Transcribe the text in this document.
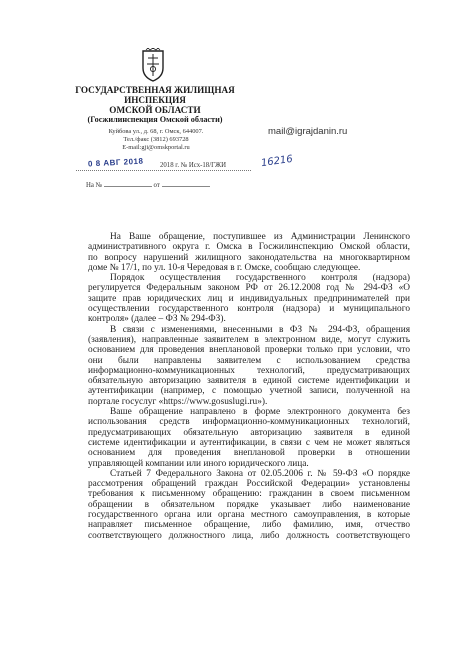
ГОСУДАРСТВЕННАЯ ЖИЛИЩНАЯ
ИНСПЕКЦИЯ
ОМСКОЙ ОБЛАСТИ
(Госжилинспекция Омской области)
Куйбова ул., д. 68, г. Омск, 644007.
Тел./факс (3812) 693728
E-mail:gji@omskportal.ru
mail@igrajdanin.ru
0 8 АВГ 2018 2018 г. № Исх-18/ГЖИ	16216
На №	от
На Ваше обращение, поступившее из Администрации Ленинского
административного округа г. Омска в Госжилинспекцию Омской области,
по вопросу нарушений жилищного законодательства на многоквартирном
доме № 17/1, по ул. 10-я Чередовая в г. Омске, сообщаю следующее.
Порядок осуществления государственного контроля (надзора)
регулируется Федеральным законом РФ от 26.12.2008 год № 294-ФЗ «О
защите прав юридических лиц и индивидуальных предпринимателей при
осуществлении государственного контроля (надзора) и муниципального
контроля» (далее – ФЗ № 294-ФЗ).
В связи с изменениями, внесенными в ФЗ № 294-ФЗ, обращения
(заявления), направленные заявителем в электронном виде, могут служить
основанием для проведения внеплановой проверки только при условии, что
они были направлены заявителем с использованием средства
информационно-коммуникационных технологий, предусматривающих
обязательную авторизацию заявителя в единой системе идентификации и
аутентификации (например, с помощью учетной записи, полученной на
портале госуслуг «https://www.gosuslugi.ru»).
Ваше обращение направлено в форме электронного документа без
использования средств информационно-коммуникационных технологий,
предусматривающих обязательную авторизацию заявителя в единой
системе идентификации и аутентификации, в связи с чем не может являться
основанием для проведения внеплановой проверки в отношении
управляющей компании или иного юридического лица.
Статьей 7 Федерального Закона от 02.05.2006 г. № 59-ФЗ «О порядке
рассмотрения обращений граждан Российской Федерации» установлены
требования к письменному обращению: гражданин в своем письменном
обращении в обязательном порядке указывает либо наименование
государственного органа или органа местного самоуправления, в которые
направляет письменное обращение, либо фамилию, имя, отчество
соответствующего должностного лица, либо должность соответствующего
